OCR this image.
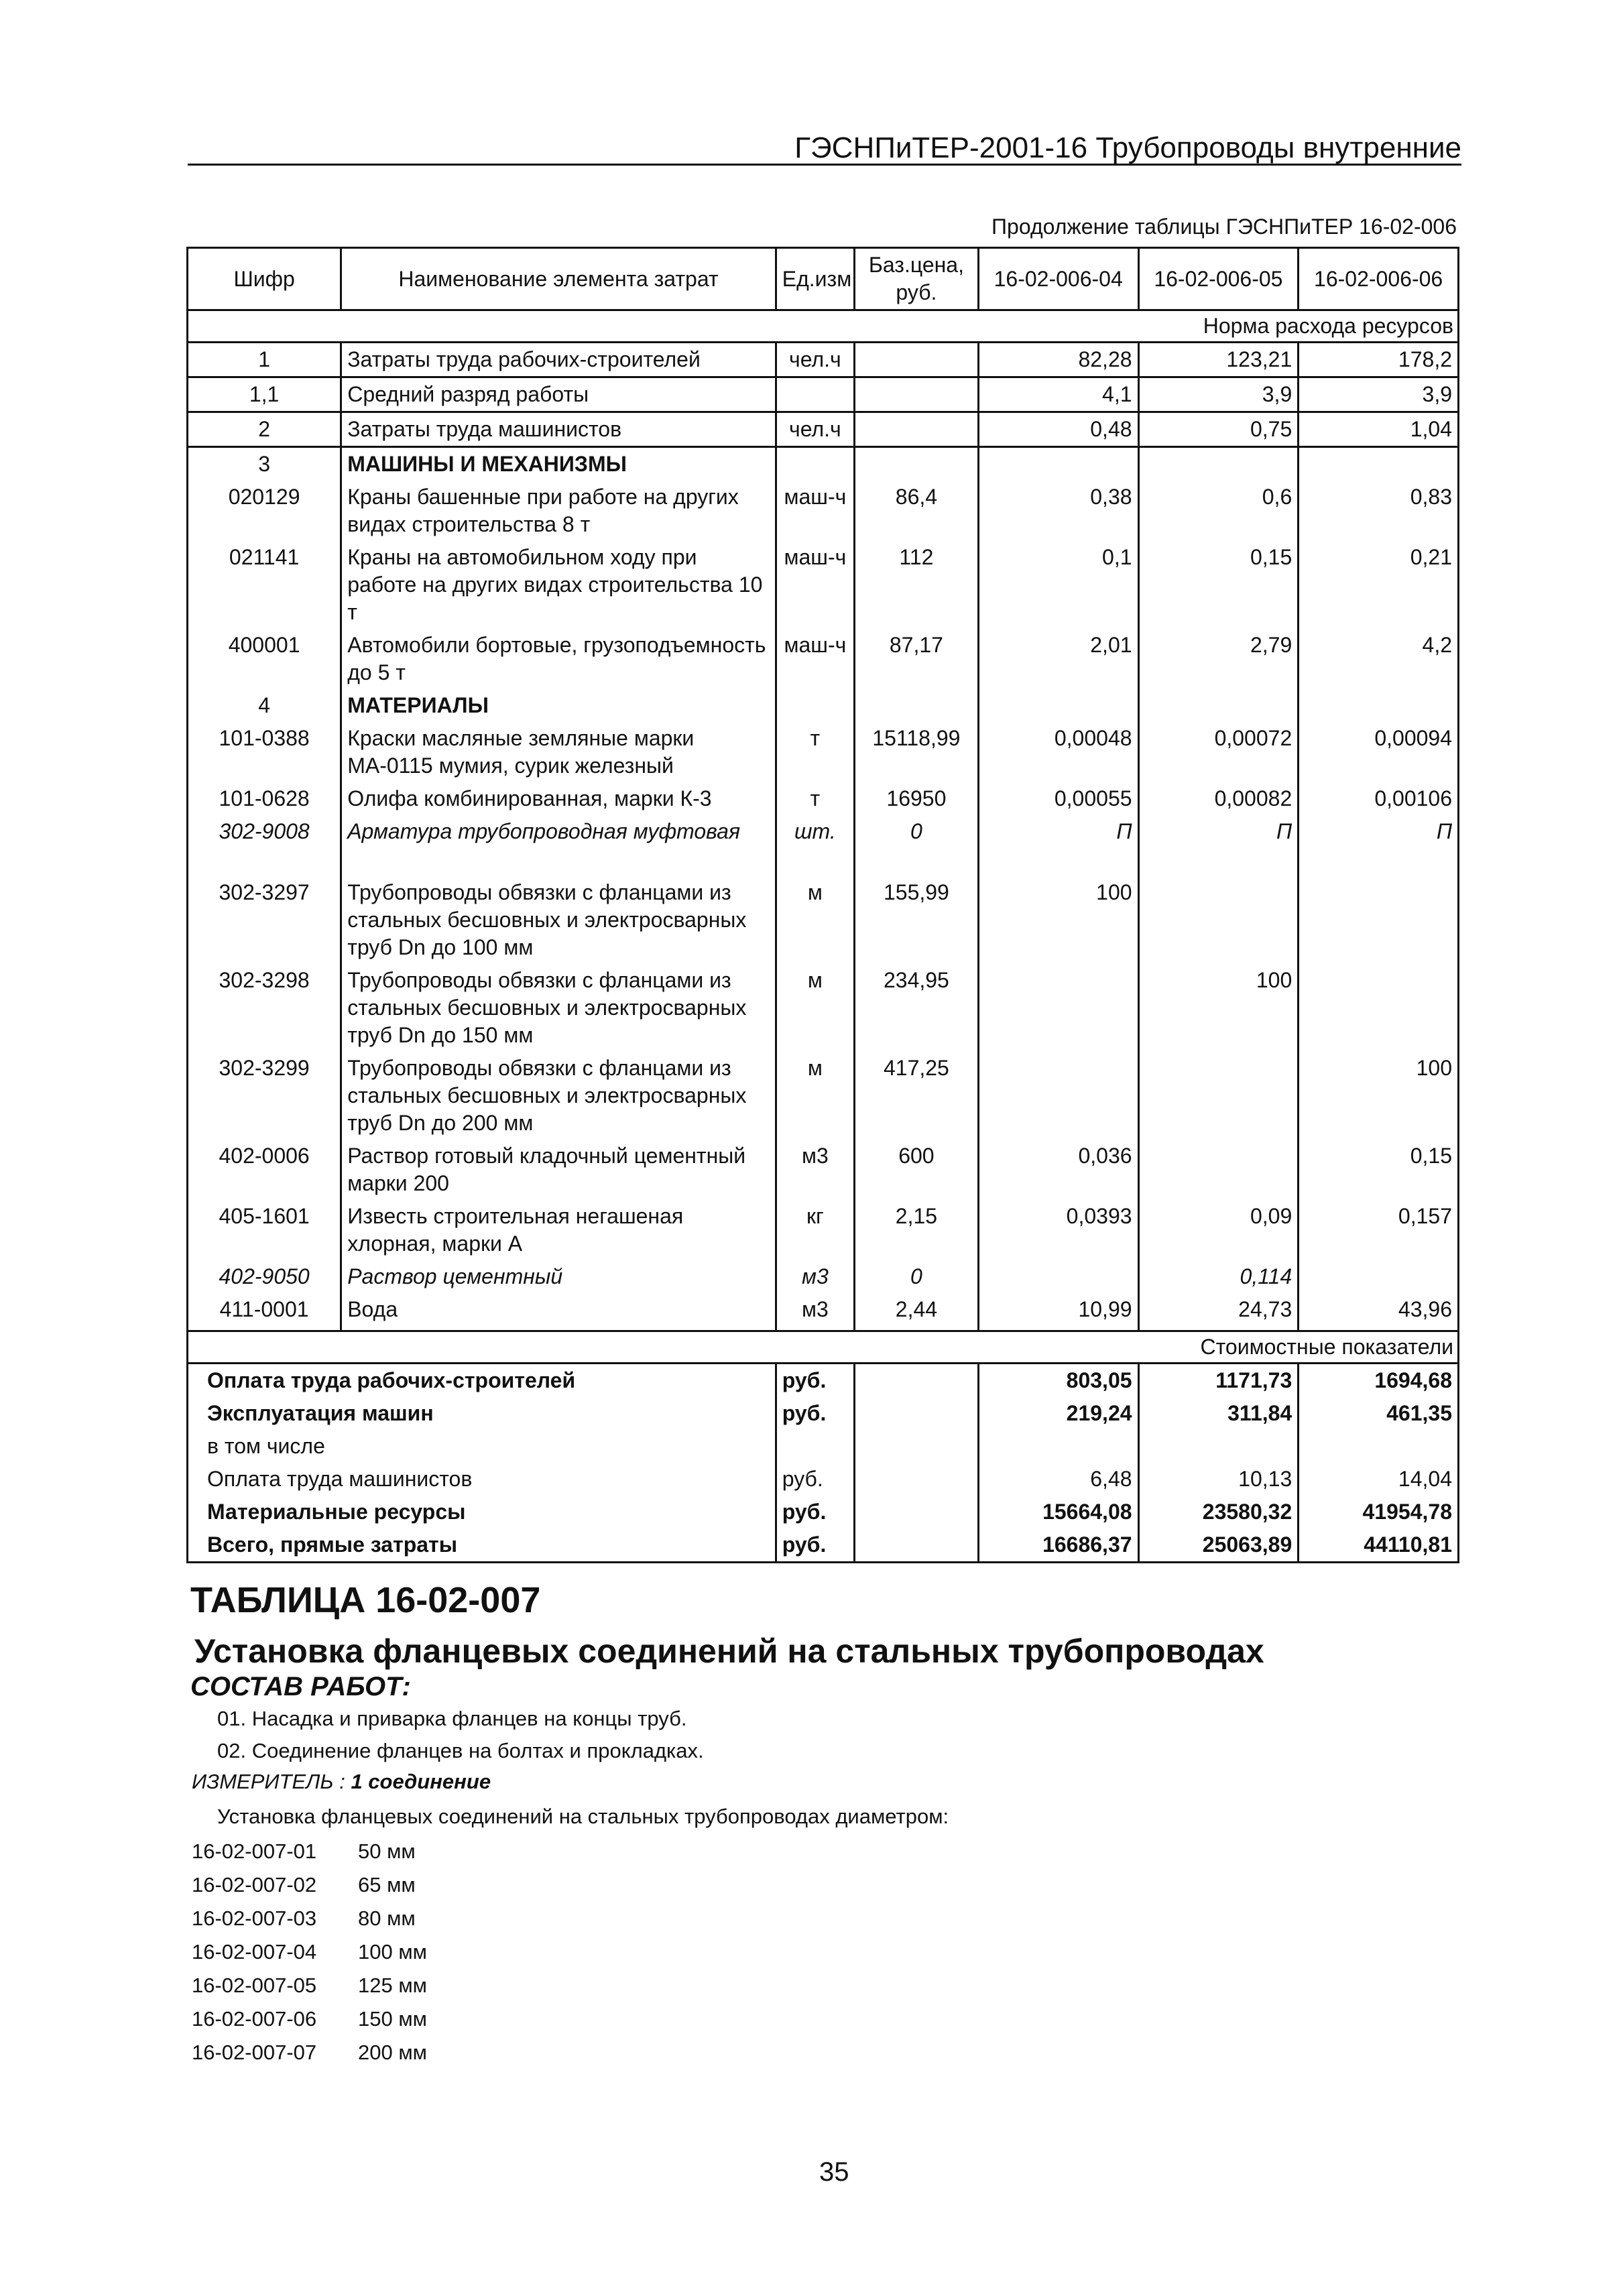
ГЭСНПиТЕР-2001-16 Трубопроводы внутренние
Продолжение таблицы ГЭСНПиТЕР 16-02-006
Шифр	Наименование элемента затрат	Ед.изм	Баз.цена, руб.	16-02-006-04	16-02-006-05	16-02-006-06
Норма расхода ресурсов						
1	Затраты труда рабочих-строителей	чел.ч		82,28	123,21	178,2
1,1	Средний разряд работы			4,1	3,9	3,9
2	Затраты труда машинистов	чел.ч		0,48	0,75	1,04
3	МАШИНЫ И МЕХАНИЗМЫ					
020129	Краны башенные при работе на других видах строительства 8 т	маш-ч	86,4	0,38	0,6	0,83
021141	Краны на автомобильном ходу при работе на других видах строительства 10 т	маш-ч	112	0,1	0,15	0,21
400001	Автомобили бортовые, грузоподъемность до 5 т	маш-ч	87,17	2,01	2,79	4,2
4	МАТЕРИАЛЫ					
101-0388	Краски масляные земляные марки МА-0115 мумия, сурик железный	т	15118,99	0,00048	0,00072	0,00094
101-0628	Олифа комбинированная, марки К-3	т	16950	0,00055	0,00082	0,00106
302-9008	Арматура трубопроводная муфтовая	шт.	0	П	П	П

302-3297	Трубопроводы обвязки с фланцами из стальных бесшовных и электросварных труб Dn до 100 мм	м	155,99	100		
302-3298	Трубопроводы обвязки с фланцами из стальных бесшовных и электросварных труб Dn до 150 мм	м	234,95		100	
302-3299	Трубопроводы обвязки с фланцами из стальных бесшовных и электросварных труб Dn до 200 мм	м	417,25			100
402-0006	Раствор готовый кладочный цементный марки 200	м3	600	0,036		0,15
405-1601	Известь строительная негашеная хлорная, марки А	кг	2,15	0,0393	0,09	0,157
402-9050	Раствор цементный	м3	0		0,114	
411-0001	Вода	м3	2,44	10,99	24,73	43,96

Стоимостные показатели						
Оплата труда рабочих-строителей		руб.		803,05	1171,73	1694,68
Эксплуатация машин		руб.		219,24	311,84	461,35
в том числе						
Оплата труда машинистов		руб.		6,48	10,13	14,04
Материальные ресурсы		руб.		15664,08	23580,32	41954,78
Всего, прямые затраты		руб.		16686,37	25063,89	44110,81
ТАБЛИЦА 16-02-007
Установка фланцевых соединений на стальных трубопроводах
СОСТАВ РАБОТ:
01. Насадка и приварка фланцев на концы труб.
02. Соединение фланцев на болтах и прокладках.
ИЗМЕРИТЕЛЬ : 1 соединение
Установка фланцевых соединений на стальных трубопроводах диаметром:
16-02-007-01 50 мм
16-02-007-02 65 мм
16-02-007-03 80 мм
16-02-007-04 100 мм
16-02-007-05 125 мм
16-02-007-06 150 мм
16-02-007-07 200 мм
35
